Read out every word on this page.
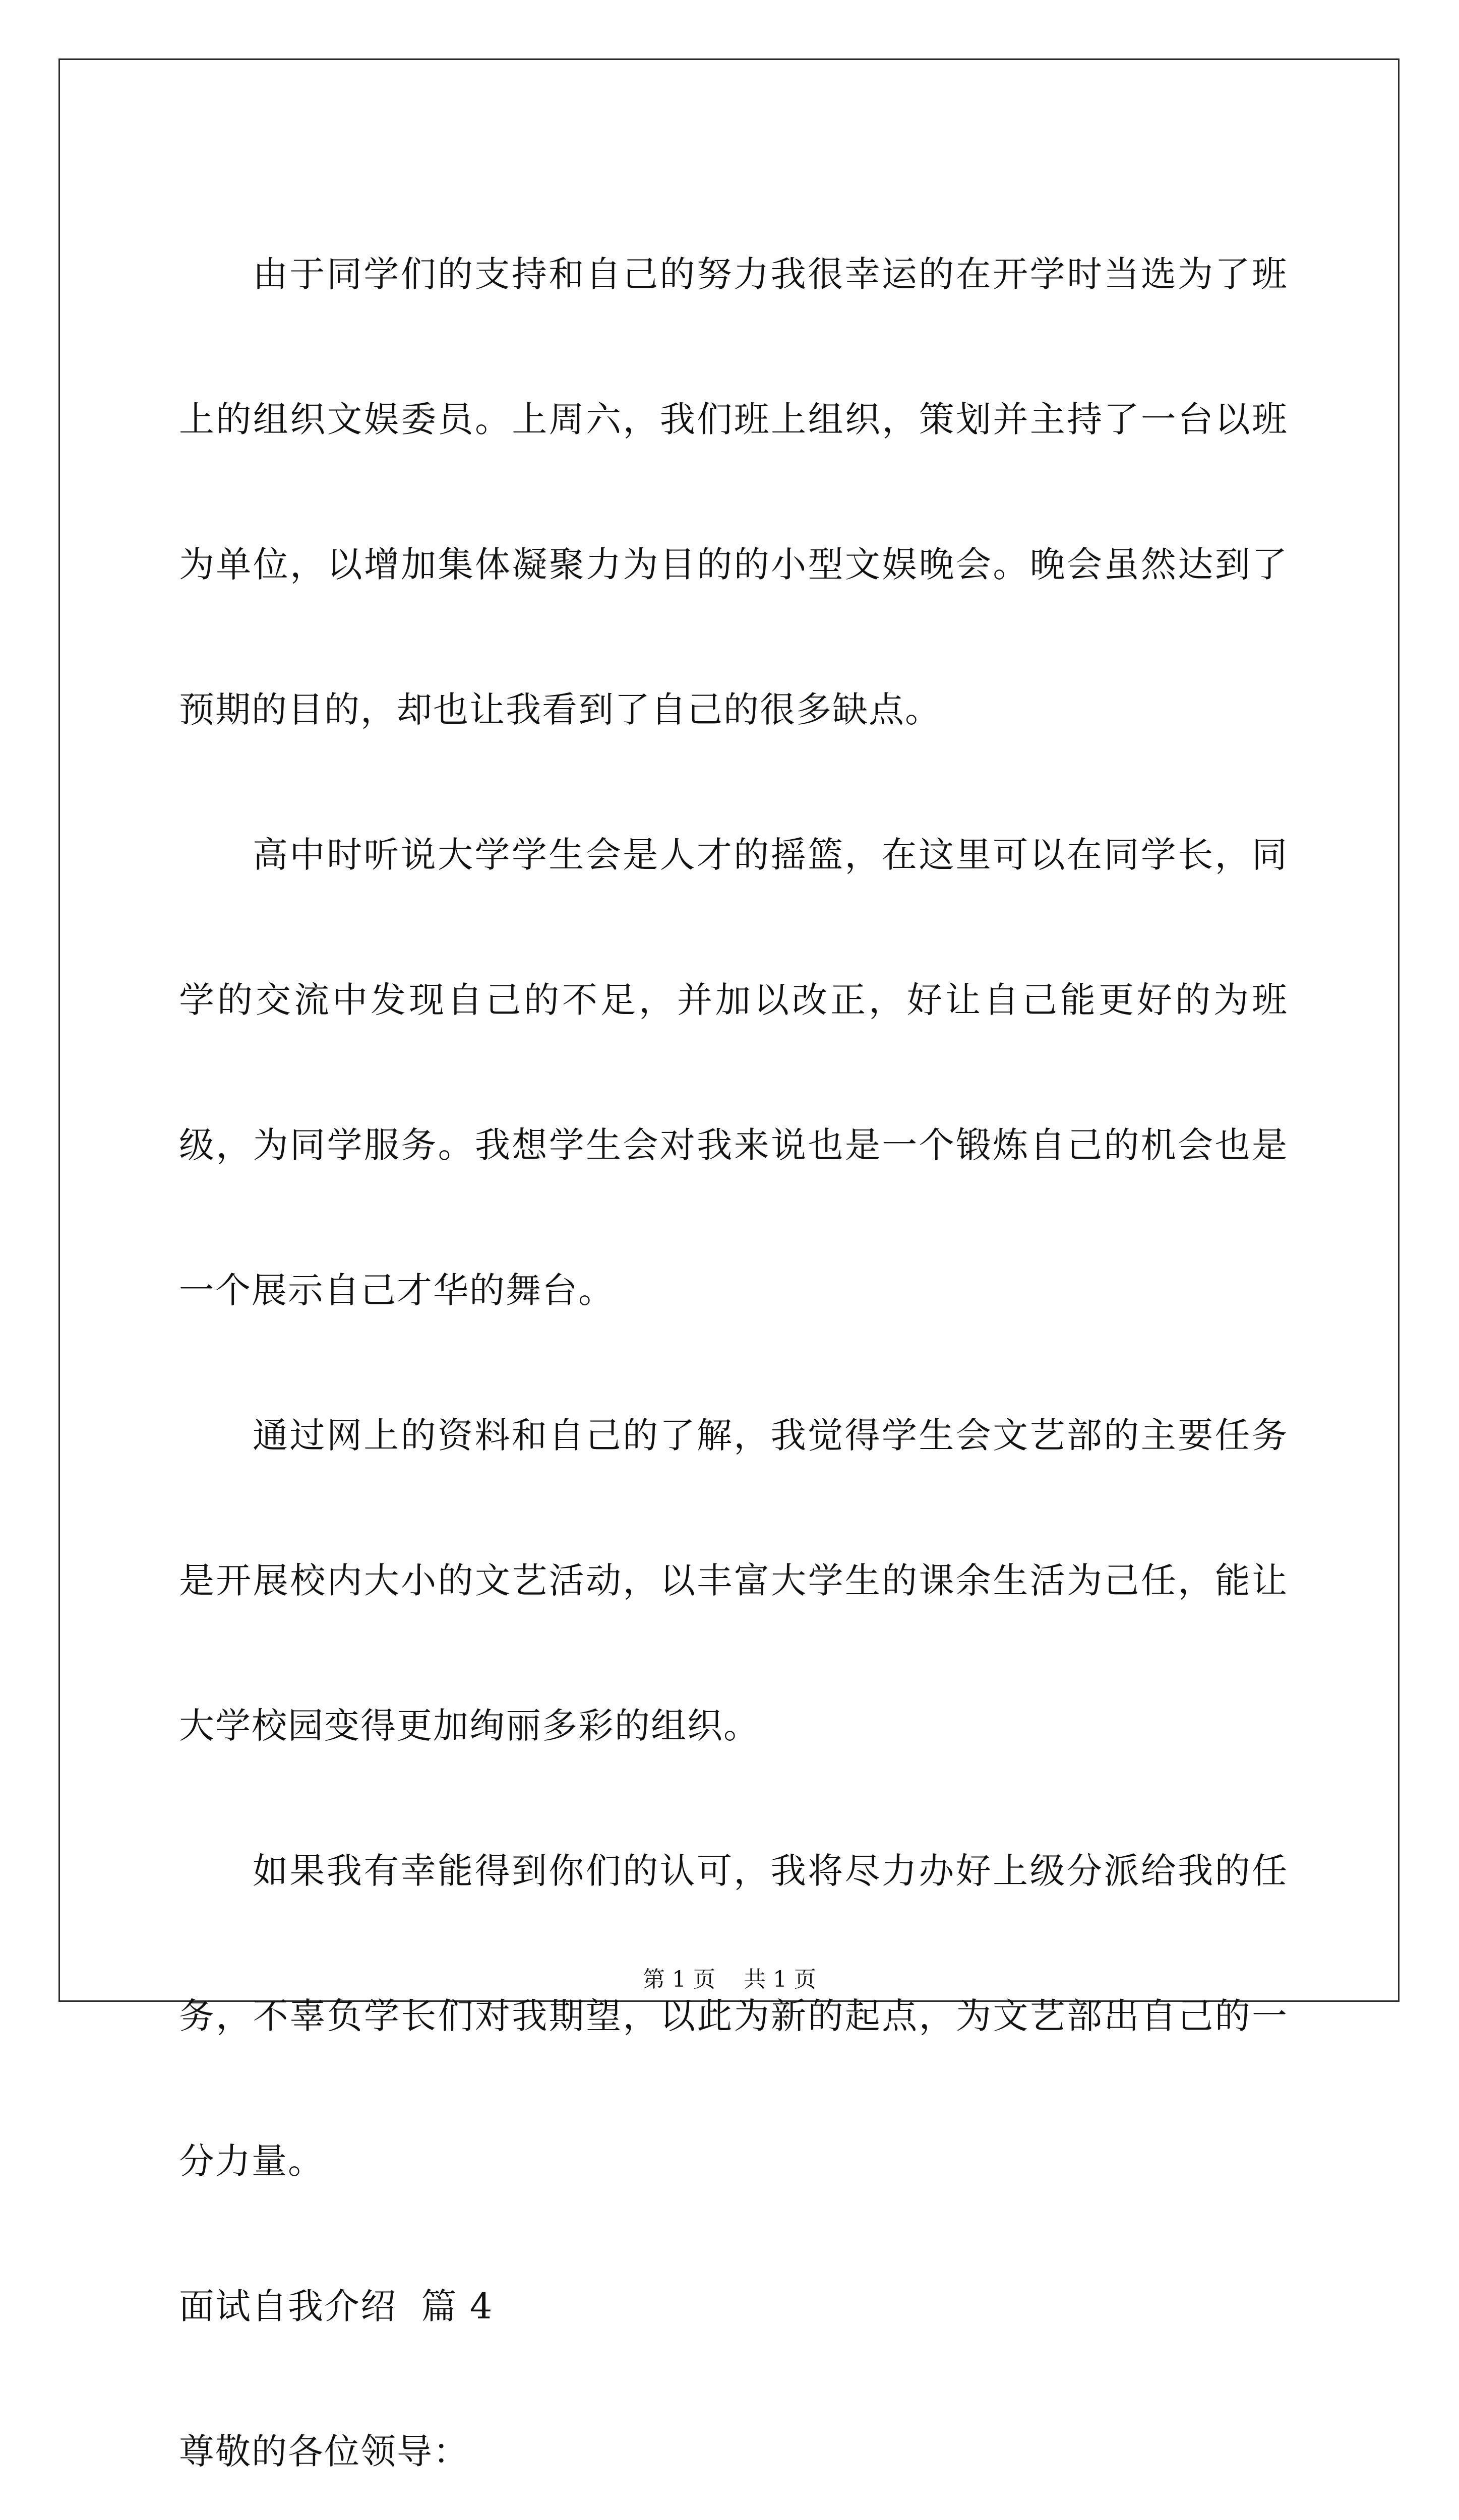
由于同学们的支持和自己的努力我很幸运的在开学时当选为了班上的组织文娱委员。上周六，我们班上组织，策划并主持了一台以班为单位，以增加集体凝聚力为目的的小型文娱晚会。晚会虽然达到了预期的目的，却也让我看到了自己的很多缺点。

高中时听说大学学生会是人才的摇篮，在这里可以在同学长，同学的交流中发现自己的不足，并加以改正，好让自己能更好的为班级，为同学服务。我想学生会对我来说也是一个锻炼自己的机会也是一个展示自己才华的舞台。

通过网上的资料和自己的了解，我觉得学生会文艺部的主要任务是开展校内大小的文艺活动，以丰富大学生的课余生活为己任，能让大学校园变得更加绚丽多彩的组织。

如果我有幸能得到你们的认可，我将尽力办好上级分派给我的任务，不辜负学长们对我期望，以此为新的起点，为文艺部出自己的一分力量。

面试自我介绍  篇 4

尊敬的各位领导：

第 1 页    共 1 页
